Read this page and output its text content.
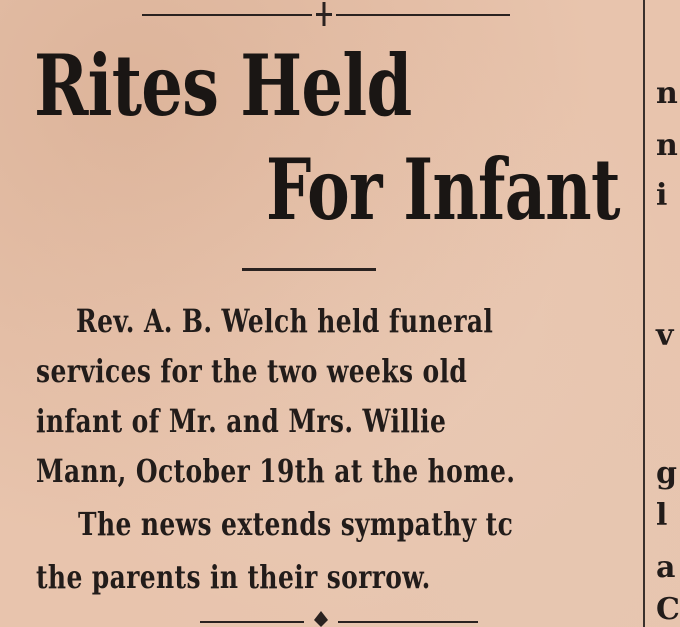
Rites Held
For Infant
Rev. A. B. Welch held funeral
services for the two weeks old
infant of Mr. and Mrs. Willie
Mann, October 19th at the home.
The news extends sympathy tc
the parents in their sorrow.
n
n
i
v
g
l
a
C
